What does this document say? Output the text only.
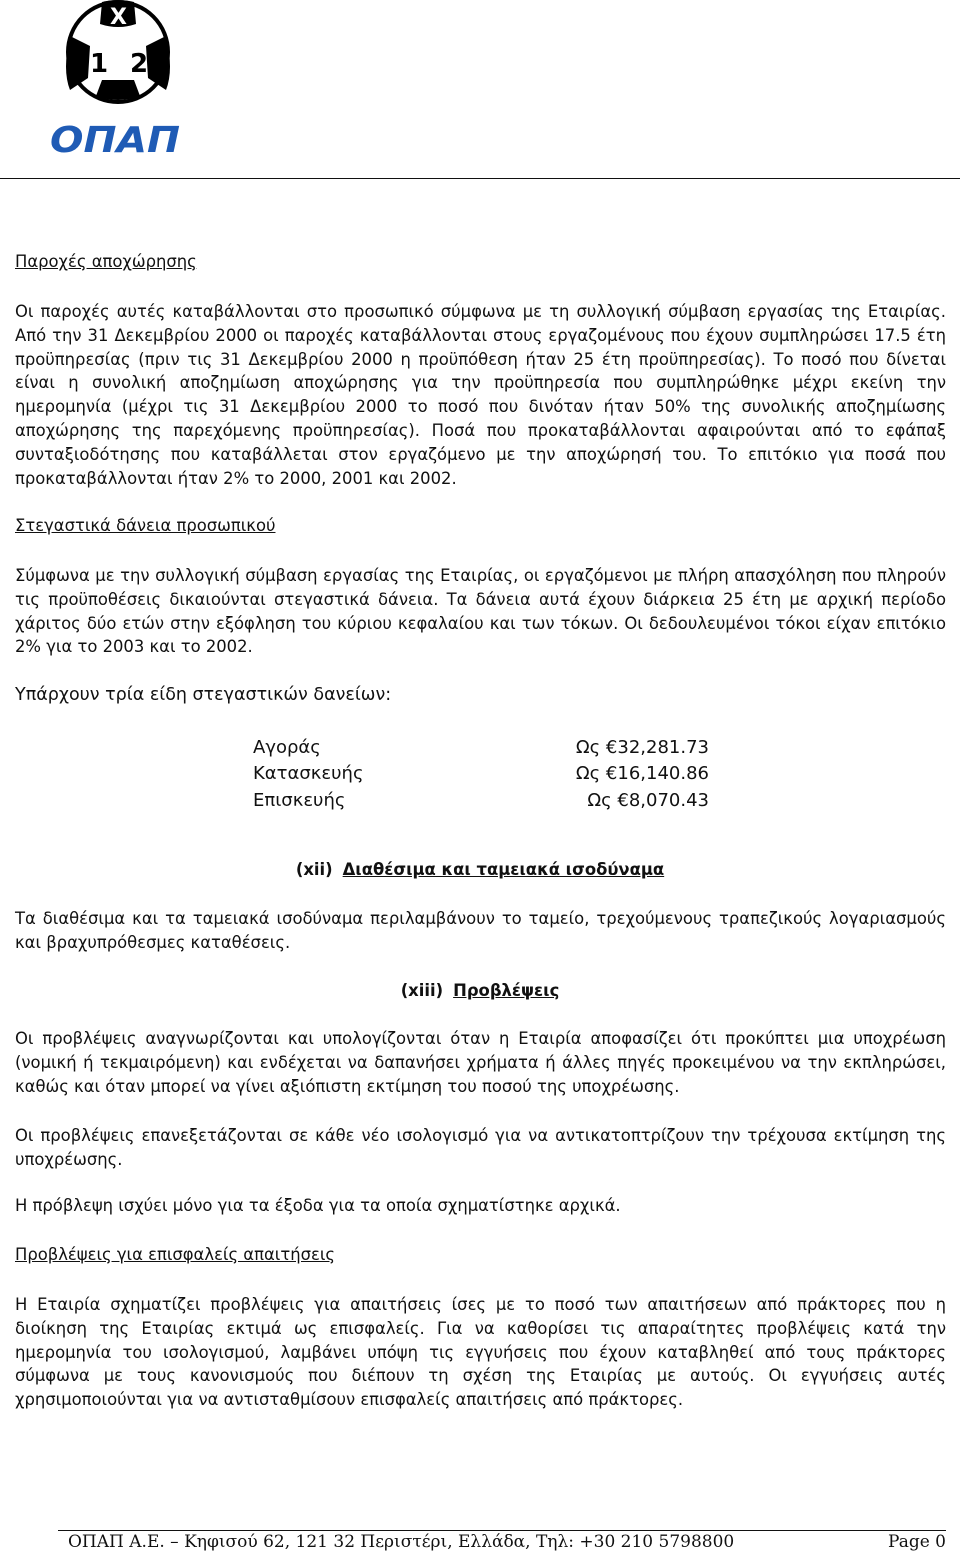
X
1 2
ΟΠΑΠ

Παροχές αποχώρησης

Οι παροχές αυτές καταβάλλονται στο προσωπικό σύμφωνα με τη συλλογική σύμβαση εργασίας της Εταιρίας. Από την 31 Δεκεμβρίου 2000 οι παροχές καταβάλλονται στους εργαζομένους που έχουν συμπληρώσει 17.5 έτη προϋπηρεσίας (πριν τις 31 Δεκεμβρίου 2000 η προϋπόθεση ήταν 25 έτη προϋπηρεσίας). Το ποσό που δίνεται είναι η συνολική αποζημίωση αποχώρησης για την προϋπηρεσία που συμπληρώθηκε μέχρι εκείνη την ημερομηνία (μέχρι τις 31 Δεκεμβρίου 2000 το ποσό που δινόταν ήταν 50% της συνολικής αποζημίωσης αποχώρησης της παρεχόμενης προϋπηρεσίας). Ποσά που προκαταβάλλονται αφαιρούνται από το εφάπαξ συνταξιοδότησης που καταβάλλεται στον εργαζόμενο με την αποχώρησή του. Το επιτόκιο για ποσά που προκαταβάλλονται ήταν 2% το 2000, 2001 και 2002.

Στεγαστικά δάνεια προσωπικού

Σύμφωνα με την συλλογική σύμβαση εργασίας της Εταιρίας, οι εργαζόμενοι με πλήρη απασχόληση που πληρούν τις προϋποθέσεις δικαιούνται στεγαστικά δάνεια. Τα δάνεια αυτά έχουν διάρκεια 25 έτη με αρχική περίοδο χάριτος δύο ετών στην εξόφληση του κύριου κεφαλαίου και των τόκων. Οι δεδουλευμένοι τόκοι είχαν επιτόκιο 2% για το 2003 και το 2002.

Υπάρχουν τρία είδη στεγαστικών δανείων:

Αγοράς	Ως €32,281.73
Κατασκευής	Ως €16,140.86
Επισκευής	Ως €8,070.43

(xii) Διαθέσιμα και ταμειακά ισοδύναμα

Τα διαθέσιμα και τα ταμειακά ισοδύναμα περιλαμβάνουν το ταμείο, τρεχούμενους τραπεζικούς λογαριασμούς και βραχυπρόθεσμες καταθέσεις.

(xiii) Προβλέψεις

Οι προβλέψεις αναγνωρίζονται και υπολογίζονται όταν η Εταιρία αποφασίζει ότι προκύπτει μια υποχρέωση (νομική ή τεκμαιρόμενη) και ενδέχεται να δαπανήσει χρήματα ή άλλες πηγές προκειμένου να την εκπληρώσει, καθώς και όταν μπορεί να γίνει αξιόπιστη εκτίμηση του ποσού της υποχρέωσης.

Οι προβλέψεις επανεξετάζονται σε κάθε νέο ισολογισμό για να αντικατοπτρίζουν την τρέχουσα εκτίμηση της υποχρέωσης.

Η πρόβλεψη ισχύει μόνο για τα έξοδα για τα οποία σχηματίστηκε αρχικά.

Προβλέψεις για επισφαλείς απαιτήσεις

Η Εταιρία σχηματίζει προβλέψεις για απαιτήσεις ίσες με το ποσό των απαιτήσεων από πράκτορες που η διοίκηση της Εταιρίας εκτιμά ως επισφαλείς. Για να καθορίσει τις απαραίτητες προβλέψεις κατά την ημερομηνία του ισολογισμού, λαμβάνει υπόψη τις εγγυήσεις που έχουν καταβληθεί από τους πράκτορες σύμφωνα με τους κανονισμούς που διέπουν τη σχέση της Εταιρίας με αυτούς. Οι εγγυήσεις αυτές χρησιμοποιούνται για να αντισταθμίσουν επισφαλείς απαιτήσεις από πράκτορες.

ΟΠΑΠ Α.Ε. – Κηφισού 62, 121 32 Περιστέρι, Ελλάδα, Τηλ: +30 210 5798800	Page 0
